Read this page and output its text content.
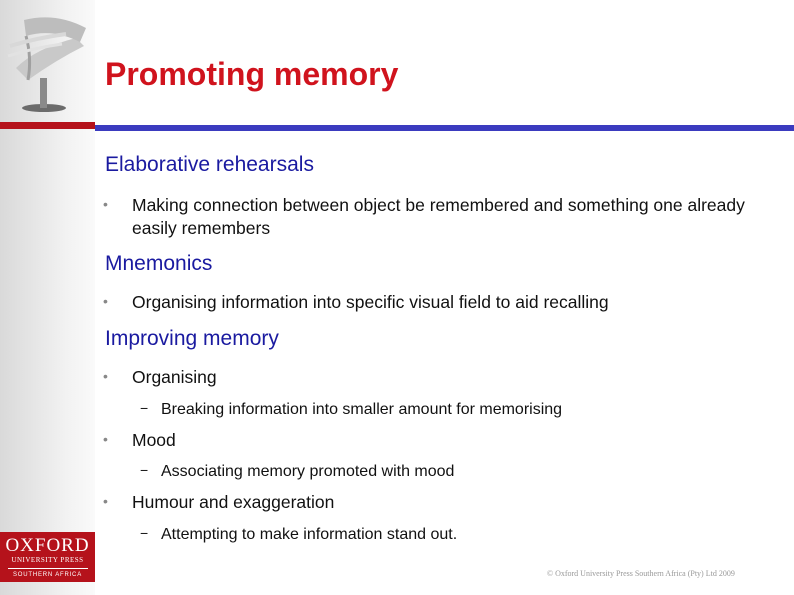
OXFORD
UNIVERSITY PRESS
SOUTHERN AFRICA
Promoting memory
Elaborative rehearsals
• Making connection between object be remembered and something one already easily remembers
Mnemonics
• Organising information into specific visual field to aid recalling
Improving memory
• Organising
− Breaking information into smaller amount for memorising
• Mood
− Associating memory promoted with mood
• Humour and exaggeration
− Attempting to make information stand out.
© Oxford University Press Southern Africa (Pty) Ltd 2009
